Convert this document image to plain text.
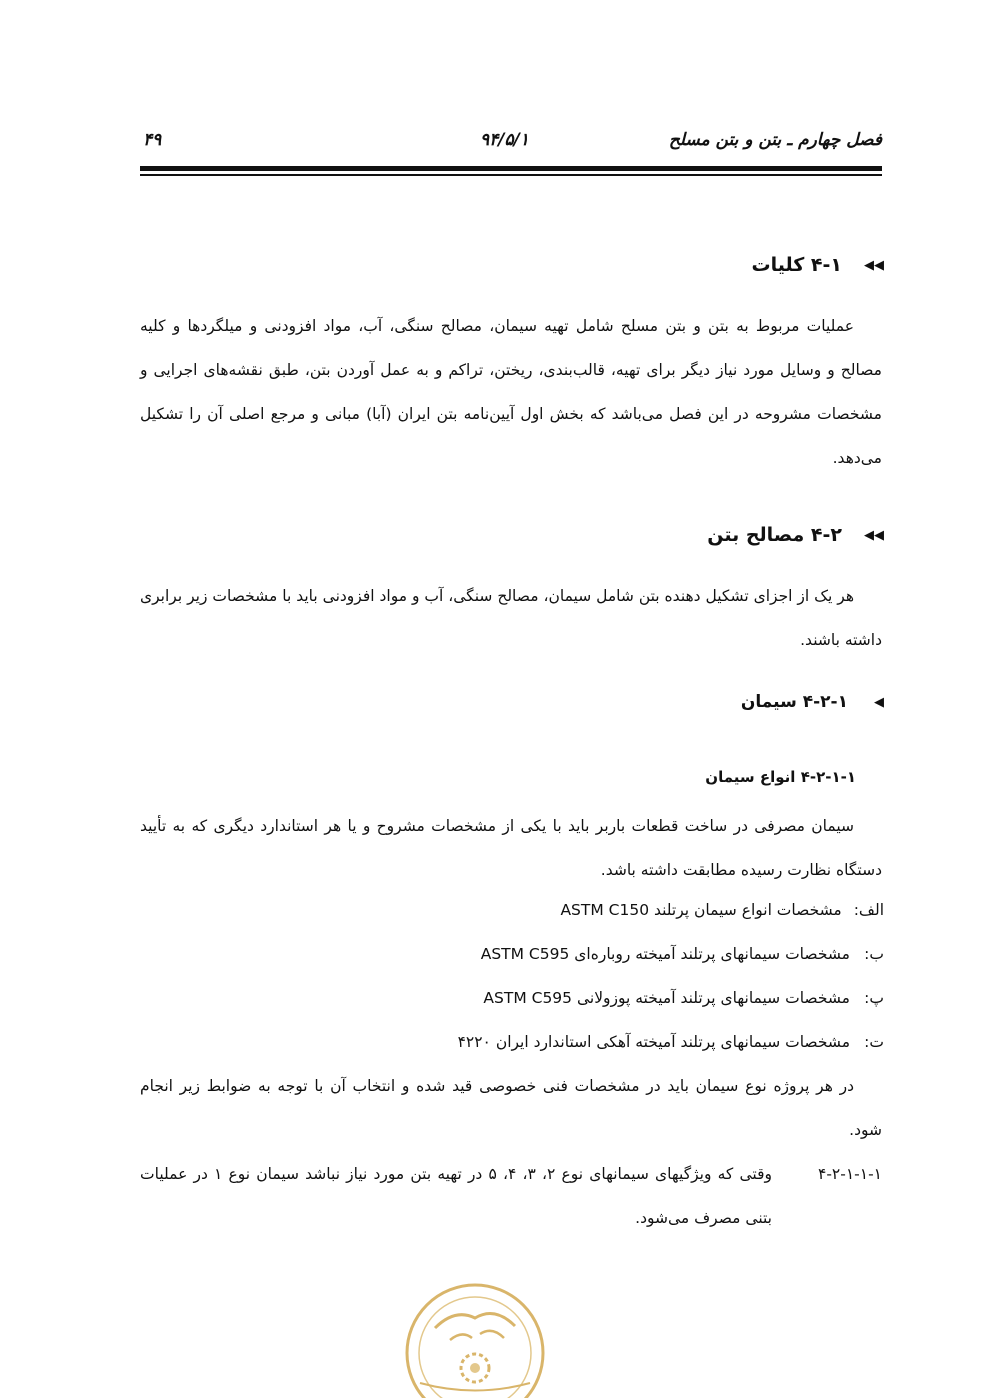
فصل چهارم ـ بتن و بتن مسلح
۹۴/۵/۱
۴۹
◀◀
۴-۱ کلیات
عملیات مربوط به بتن و بتن مسلح شامل تهیه سیمان، مصالح سنگی، آب، مواد افزودنی و میلگردها و کلیه مصالح و وسایل مورد نیاز دیگر برای تهیه، قالب‌بندی، ریختن، تراکم و به عمل آوردن بتن، طبق نقشه‌های اجرایی و مشخصات مشروحه در این فصل می‌باشد که بخش اول آیین‌نامه بتن ایران (آبا) مبانی و مرجع اصلی آن را تشکیل می‌دهد.
◀◀
۴-۲ مصالح بتن
هر یک از اجزای تشکیل دهنده بتن شامل سیمان، مصالح سنگی، آب و مواد افزودنی باید با مشخصات زیر برابری داشته باشند.
◀
۴-۲-۱ سیمان
۴-۲-۱-۱ انواع سیمان
سیمان مصرفی در ساخت قطعات باربر باید با یکی از مشخصات مشروح و یا هر استاندارد دیگری که به تأیید دستگاه نظارت رسیده مطابقت داشته باشد.
الف:
مشخصات انواع سیمان پرتلند ASTM C150
ب:
مشخصات سیمانهای پرتلند آمیخته روباره‌ای ASTM C595
پ:
مشخصات سیمانهای پرتلند آمیخته پوزولانی ASTM C595
ت:
مشخصات سیمانهای پرتلند آمیخته آهکی استاندارد ایران ۴۲۲۰
در هر پروژه نوع سیمان باید در مشخصات فنی خصوصی قید شده و انتخاب آن با توجه به ضوابط زیر انجام شود.
۴-۲-۱-۱-۱
وقتی که ویژگیهای سیمانهای نوع ۲، ۳، ۴، ۵ در تهیه بتن مورد نیاز نباشد سیمان نوع ۱ در عملیات بتنی مصرف می‌شود.
